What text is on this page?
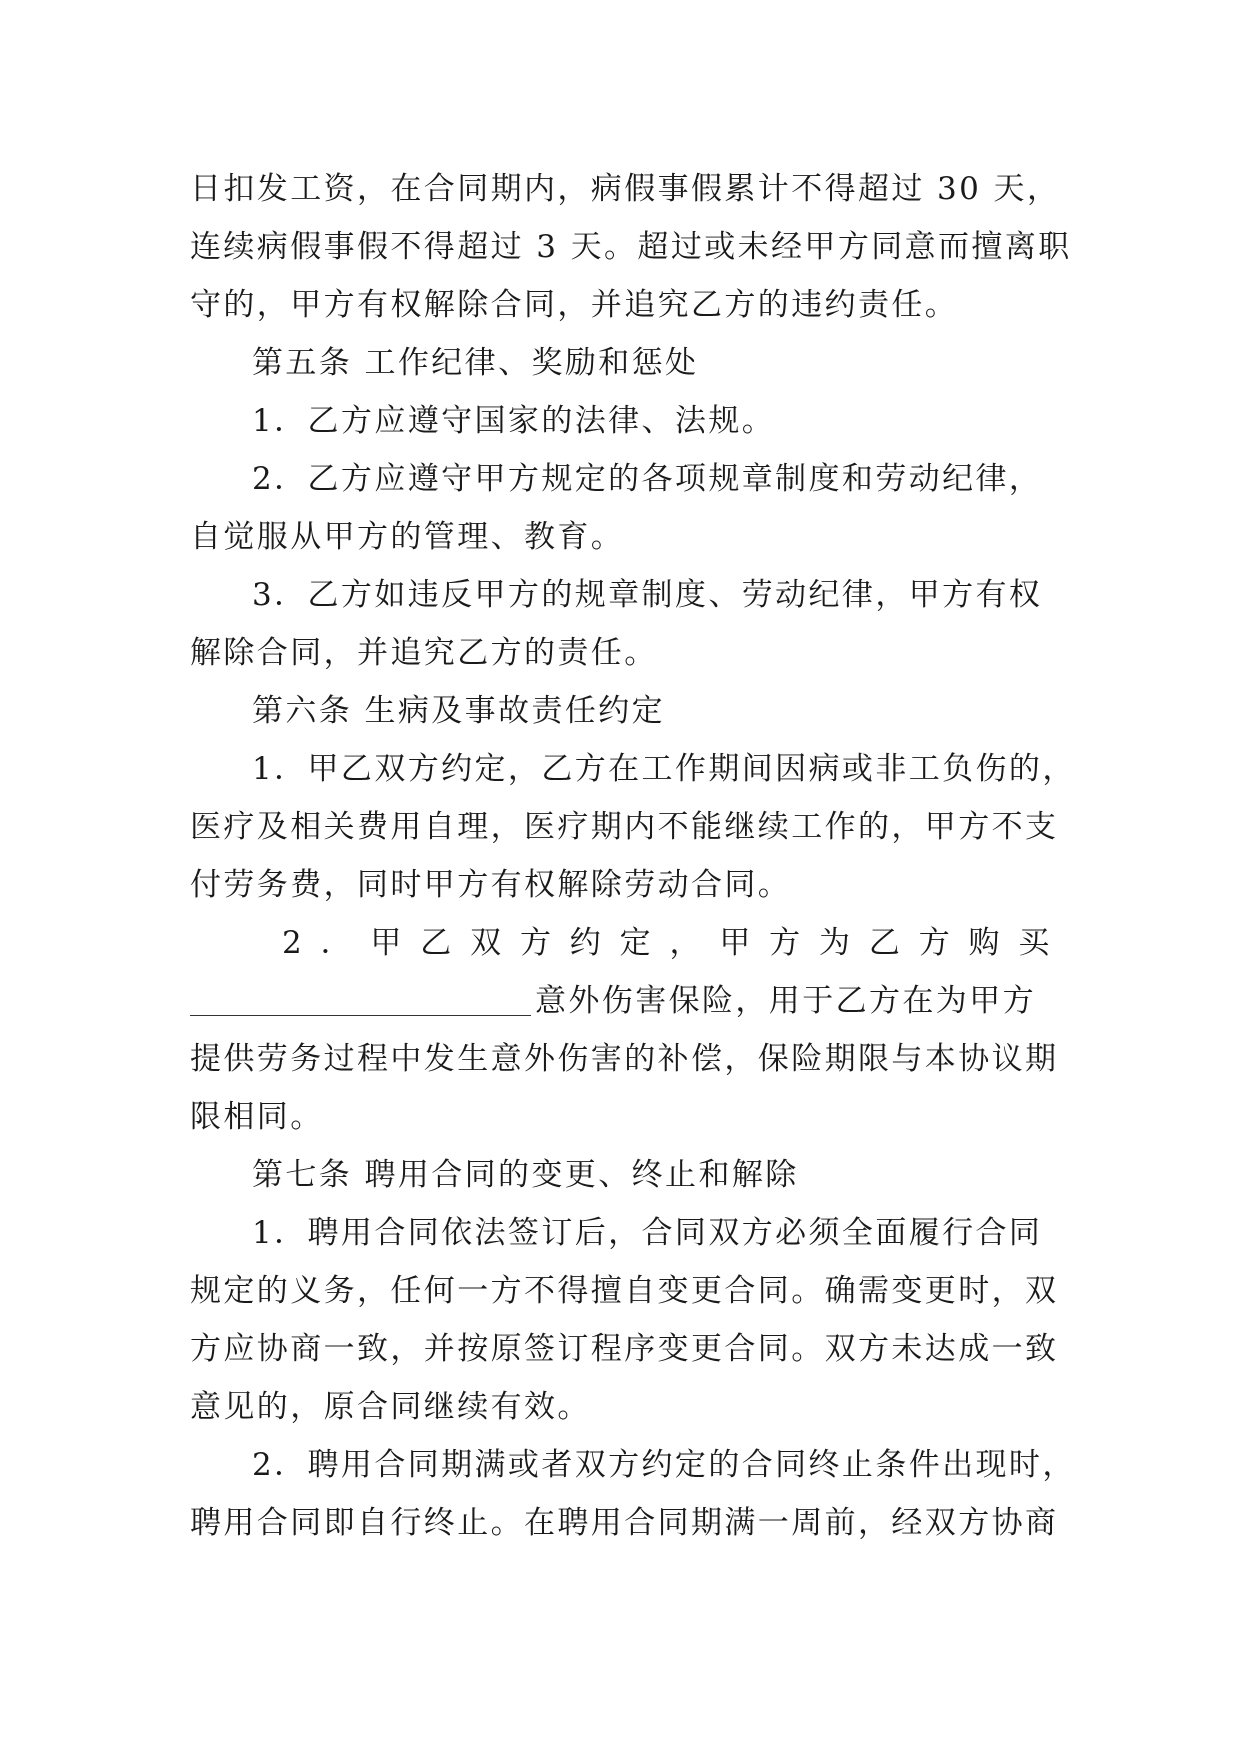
日扣发工资，在合同期内，病假事假累计不得超过 30 天，
连续病假事假不得超过 3 天。超过或未经甲方同意而擅离职
守的，甲方有权解除合同，并追究乙方的违约责任。
第五条 工作纪律、奖励和惩处
1．乙方应遵守国家的法律、法规。
2．乙方应遵守甲方规定的各项规章制度和劳动纪律，
自觉服从甲方的管理、教育。
3．乙方如违反甲方的规章制度、劳动纪律，甲方有权
解除合同，并追究乙方的责任。
第六条 生病及事故责任约定
1．甲乙双方约定，乙方在工作期间因病或非工负伤的，
医疗及相关费用自理，医疗期内不能继续工作的，甲方不支
付劳务费，同时甲方有权解除劳动合同。
2 ． 甲 乙 双 方 约 定 ， 甲 方 为 乙 方 购 买
意外伤害保险，用于乙方在为甲方
提供劳务过程中发生意外伤害的补偿，保险期限与本协议期
限相同。
第七条 聘用合同的变更、终止和解除
1．聘用合同依法签订后，合同双方必须全面履行合同
规定的义务，任何一方不得擅自变更合同。确需变更时，双
方应协商一致，并按原签订程序变更合同。双方未达成一致
意见的，原合同继续有效。
2．聘用合同期满或者双方约定的合同终止条件出现时，
聘用合同即自行终止。在聘用合同期满一周前，经双方协商
